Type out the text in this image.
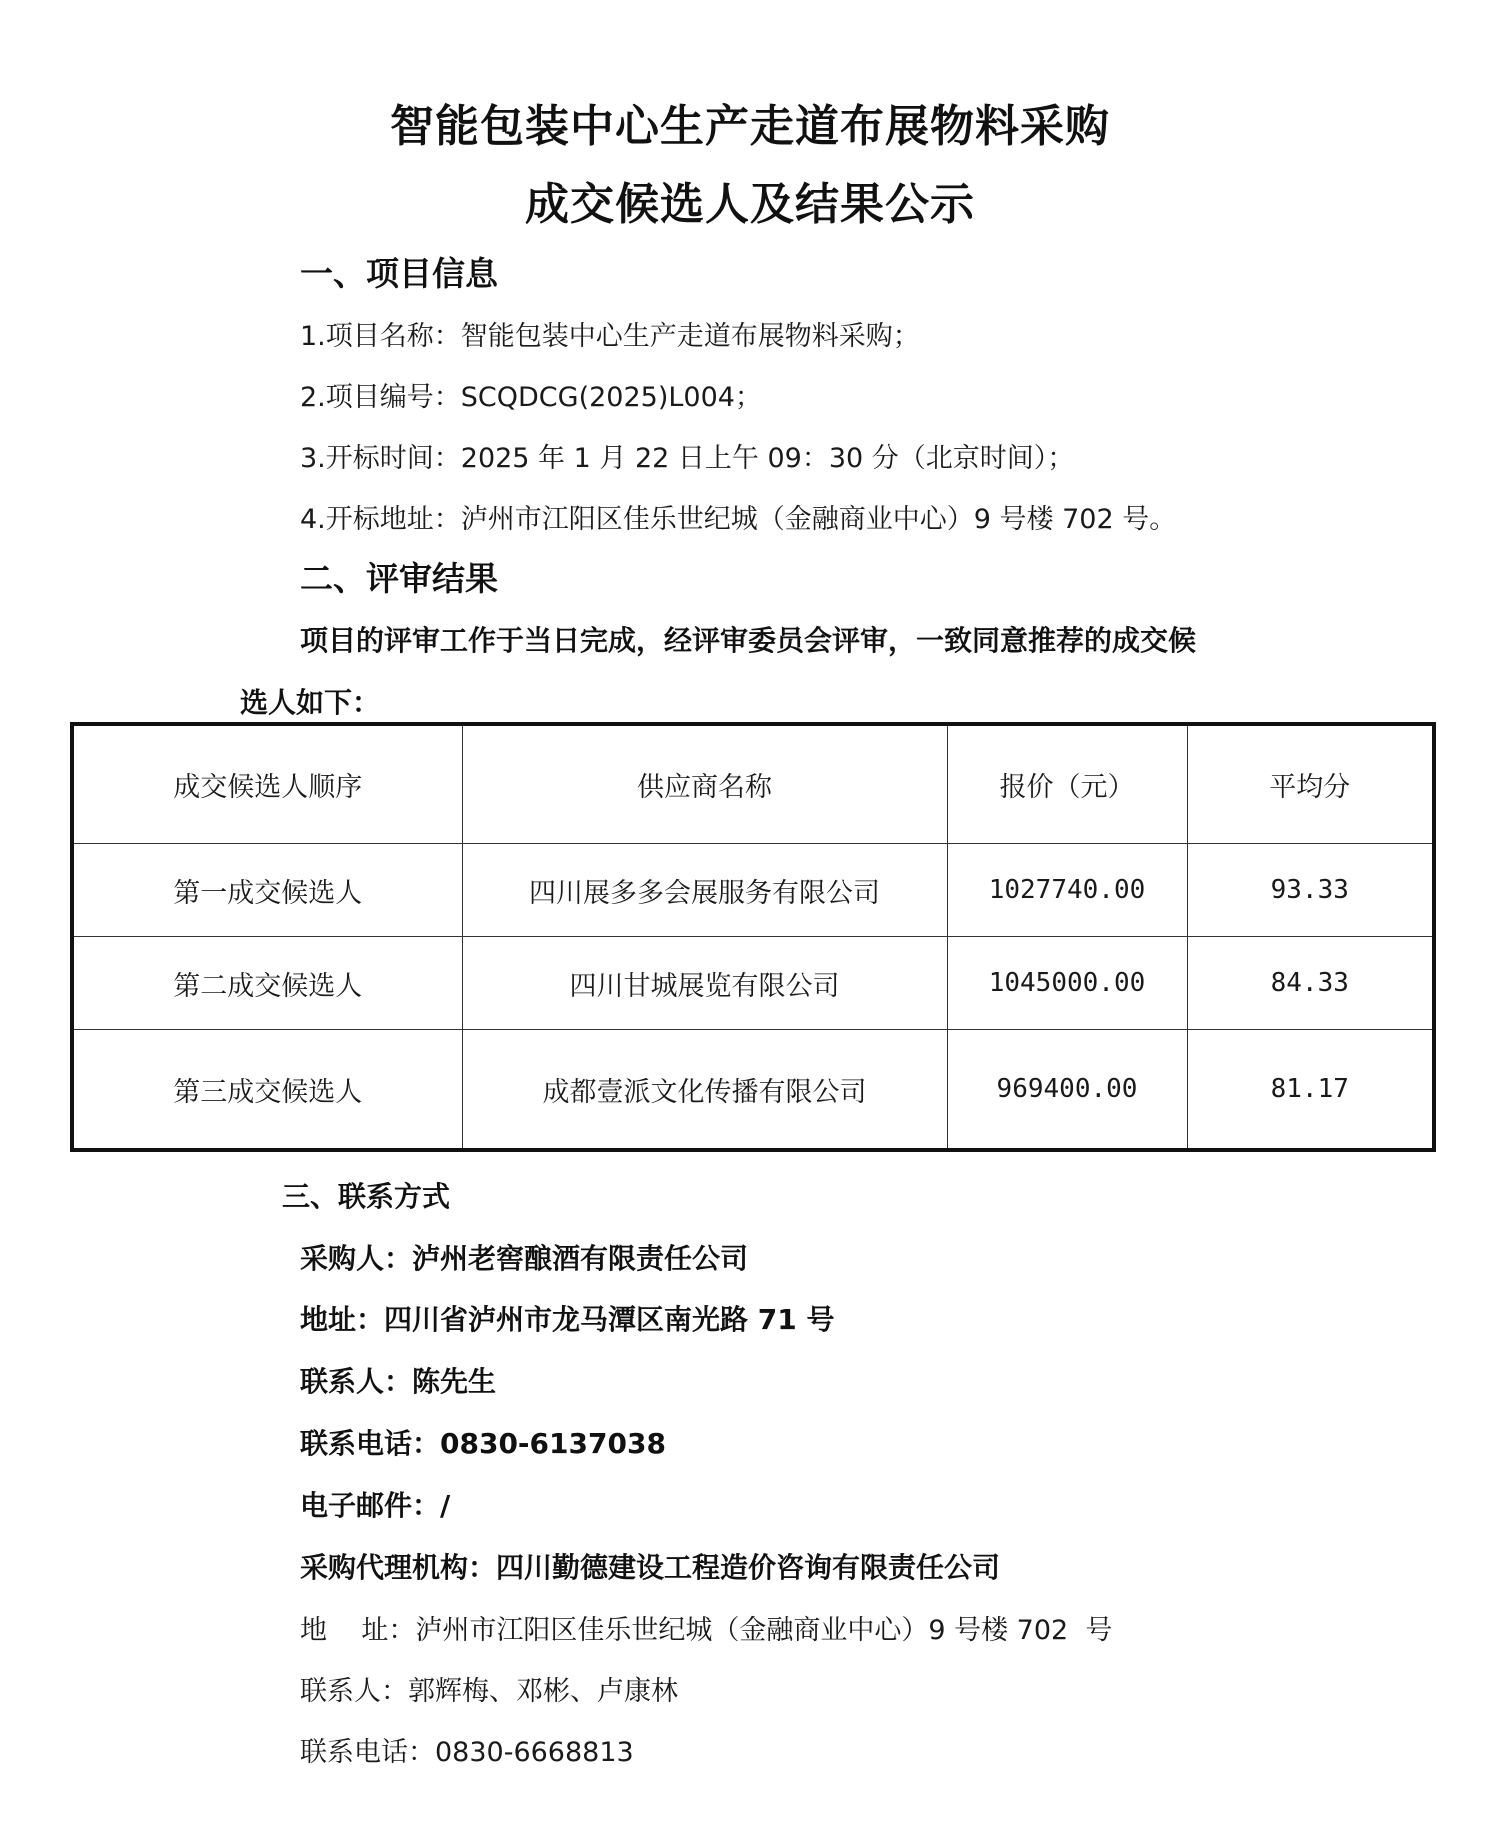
智能包装中心生产走道布展物料采购
成交候选人及结果公示
一、项目信息
1.项目名称：智能包装中心生产走道布展物料采购；
2.项目编号：SCQDCG(2025)L004；
3.开标时间：2025 年 1 月 22 日上午 09：30 分（北京时间）；
4.开标地址：泸州市江阳区佳乐世纪城（金融商业中心）9 号楼 702 号。
二、评审结果
项目的评审工作于当日完成，经评审委员会评审，一致同意推荐的成交候
选人如下：
成交候选人顺序	供应商名称	报价（元）	平均分
第一成交候选人	四川展多多会展服务有限公司	1027740.00	93.33
第二成交候选人	四川甘城展览有限公司	1045000.00	84.33
第三成交候选人	成都壹派文化传播有限公司	969400.00	81.17
三、联系方式
采购人：泸州老窖酿酒有限责任公司
地址：四川省泸州市龙马潭区南光路 71 号
联系人：陈先生
联系电话：0830-6137038
电子邮件：/
采购代理机构：四川勤德建设工程造价咨询有限责任公司
地    址：泸州市江阳区佳乐世纪城（金融商业中心）9 号楼 702  号
联系人：郭辉梅、邓彬、卢康林
联系电话：0830-6668813
